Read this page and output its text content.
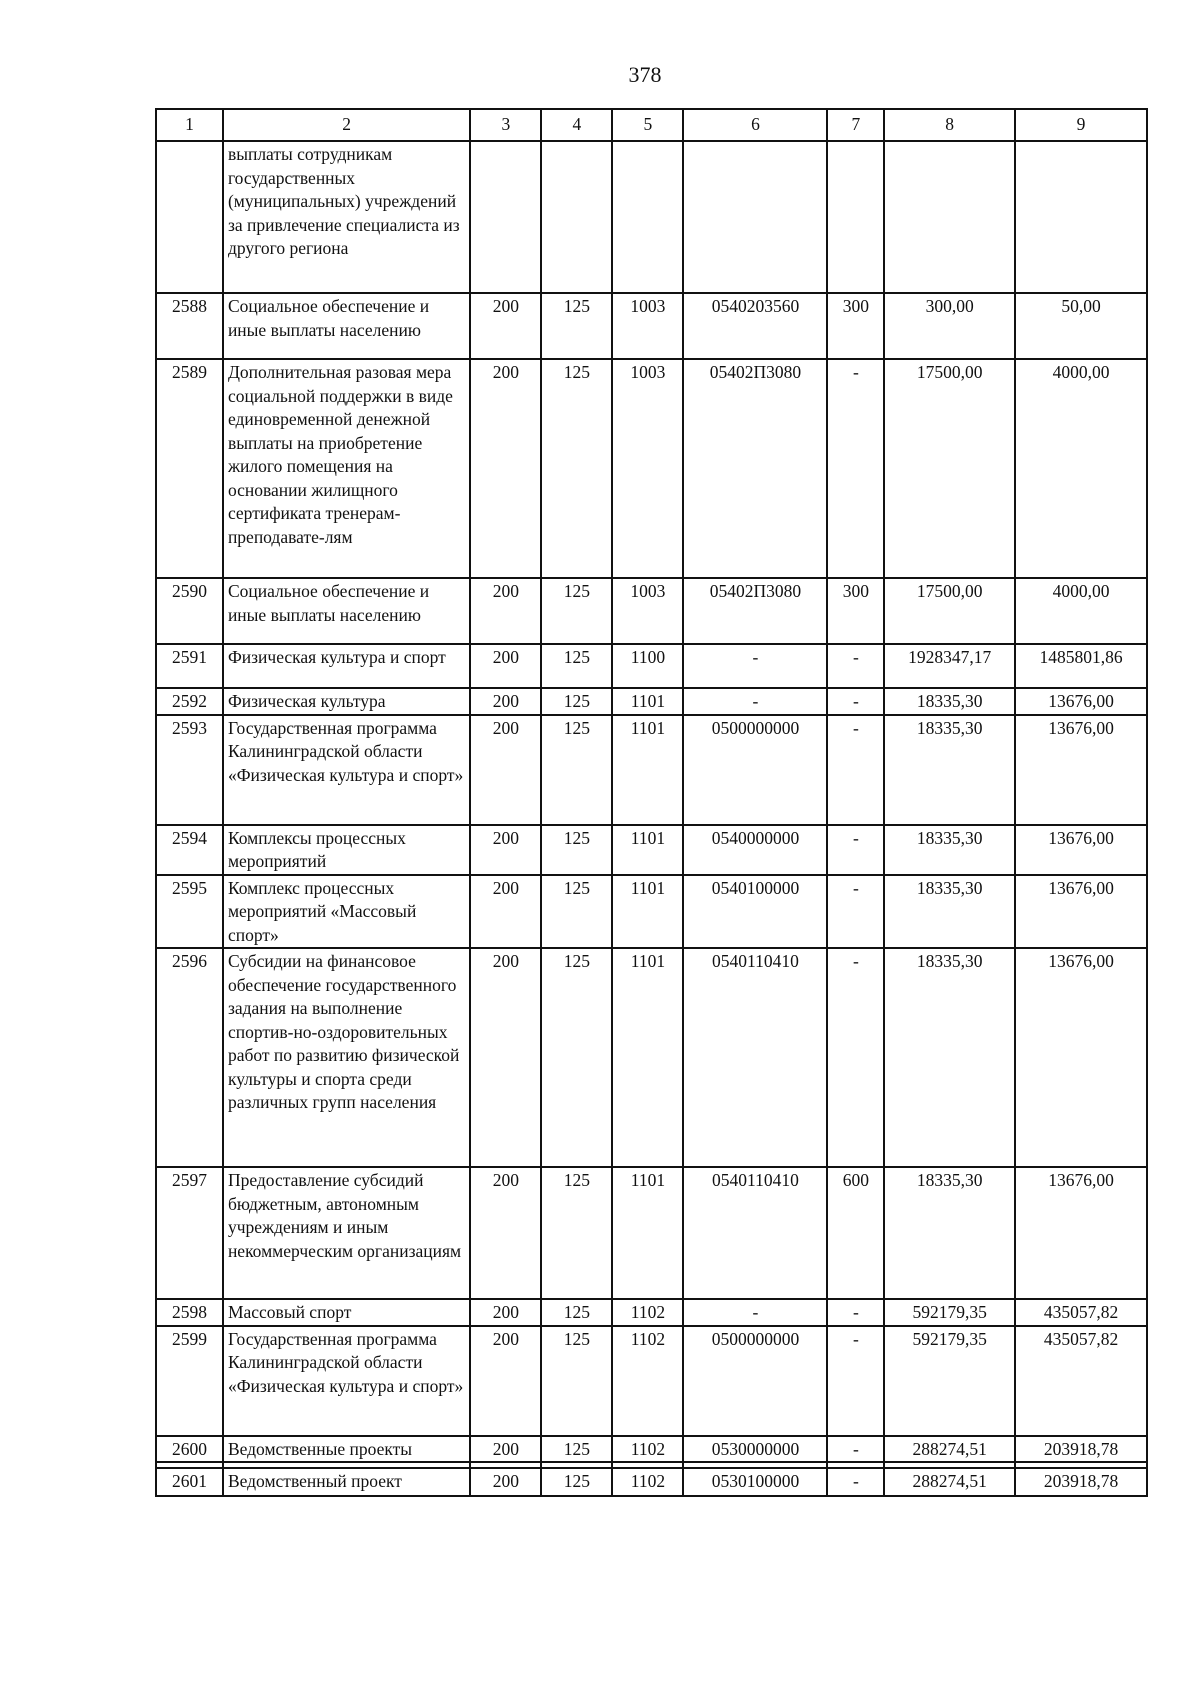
378
1	2	3	4	5	6	7	8	9
	выплаты сотрудникам государственных (муниципальных) учреждений за привлечение специалиста из другого региона							
2588	Социальное обеспечение и иные выплаты населению	200	125	1003	0540203560	300	300,00	50,00
2589	Дополнительная разовая мера социальной поддержки в виде единовременной денежной выплаты на приобретение жилого помещения на основании жилищного сертификата тренерам-преподавате-лям	200	125	1003	05402П3080	-	17500,00	4000,00
2590	Социальное обеспечение и иные выплаты населению	200	125	1003	05402П3080	300	17500,00	4000,00
2591	Физическая культура и спорт	200	125	1100	-	-	1928347,17	1485801,86
2592	Физическая культура	200	125	1101	-	-	18335,30	13676,00
2593	Государственная программа Калининградской области «Физическая культура и спорт»	200	125	1101	0500000000	-	18335,30	13676,00
2594	Комплексы процессных мероприятий	200	125	1101	0540000000	-	18335,30	13676,00
2595	Комплекс процессных мероприятий «Массовый спорт»	200	125	1101	0540100000	-	18335,30	13676,00
2596	Субсидии на финансовое обеспечение государственного задания на выполнение спортив-но-оздоровительных работ по развитию физической культуры и спорта среди различных групп населения	200	125	1101	0540110410	-	18335,30	13676,00
2597	Предоставление субсидий бюджетным, автономным учреждениям и иным некоммерческим организациям	200	125	1101	0540110410	600	18335,30	13676,00
2598	Массовый спорт	200	125	1102	-	-	592179,35	435057,82
2599	Государственная программа Калининградской области «Физическая культура и спорт»	200	125	1102	0500000000	-	592179,35	435057,82
2600	Ведомственные проекты	200	125	1102	0530000000	-	288274,51	203918,78

2601	Ведомственный проект	200	125	1102	0530100000	-	288274,51	203918,78
